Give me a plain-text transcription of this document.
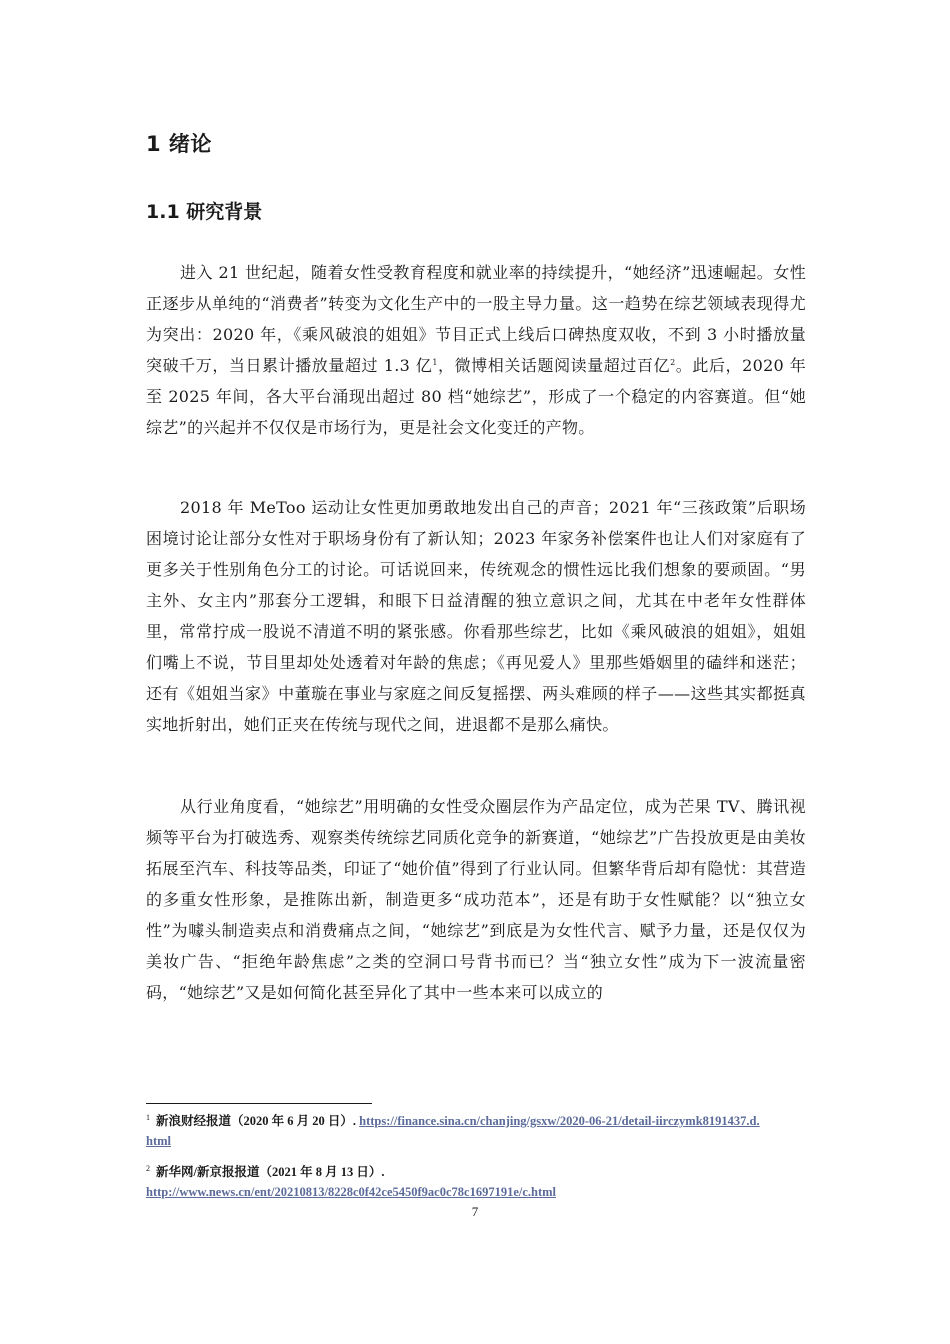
1 绪论
1.1 研究背景

进入 21 世纪起，随着女性受教育程度和就业率的持续提升，“她经济”迅速崛起。女性正逐步从单纯的“消费者”转变为文化生产中的一股主导力量。这一趋势在综艺领域表现得尤为突出：2020 年，《乘风破浪的姐姐》节目正式上线后口碑热度双收，不到 3 小时播放量突破千万，当日累计播放量超过 1.3 亿$^1$，微博相关话题阅读量超过百亿$^2$。此后，2020 年至 2025 年间，各大平台涌现出超过 80 档“她综艺”，形成了一个稳定的内容赛道。但“她综艺”的兴起并不仅仅是市场行为，更是社会文化变迁的产物。

2018 年 MeToo 运动让女性更加勇敢地发出自己的声音；2021 年“三孩政策”后职场困境讨论让部分女性对于职场身份有了新认知；2023 年家务补偿案件也让人们对家庭有了更多关于性别角色分工的讨论。可话说回来，传统观念的惯性远比我们想象的要顽固。“男主外、女主内”那套分工逻辑，和眼下日益清醒的独立意识之间，尤其在中老年女性群体里，常常拧成一股说不清道不明的紧张感。你看那些综艺，比如《乘风破浪的姐姐》，姐姐们嘴上不说，节目里却处处透着对年龄的焦虑；《再见爱人》里那些婚姻里的磕绊和迷茫；还有《姐姐当家》中董璇在事业与家庭之间反复摇摆、两头难顾的样子——这些其实都挺真实地折射出，她们正夹在传统与现代之间，进退都不是那么痛快。

从行业角度看，“她综艺”用明确的女性受众圈层作为产品定位，成为芒果 TV、腾讯视频等平台为打破选秀、观察类传统综艺同质化竞争的新赛道，“她综艺”广告投放更是由美妆拓展至汽车、科技等品类，印证了“她价值”得到了行业认同。但繁华背后却有隐忧：其营造的多重女性形象，是推陈出新，制造更多“成功范本”，还是有助于女性赋能？以“独立女性”为噱头制造卖点和消费痛点之间，“她综艺”到底是为女性代言、赋予力量，还是仅仅为美妆广告、“拒绝年龄焦虑”之类的空洞口号背书而已？当“独立女性”成为下一波流量密码，“她综艺”又是如何简化甚至异化了其中一些本来可以成立的

$^1$ 新浪财经报道（2020 年 6 月 20 日）. https://finance.sina.cn/chanjing/gsxw/2020-06-21/detail-iirczymk8191437.d.html

$^2$ 新华网/新京报报道（2021 年 8 月 13 日）.
http://www.news.cn/ent/20210813/8228c0f42ce5450f9ac0c78c1697191e/c.html

7
